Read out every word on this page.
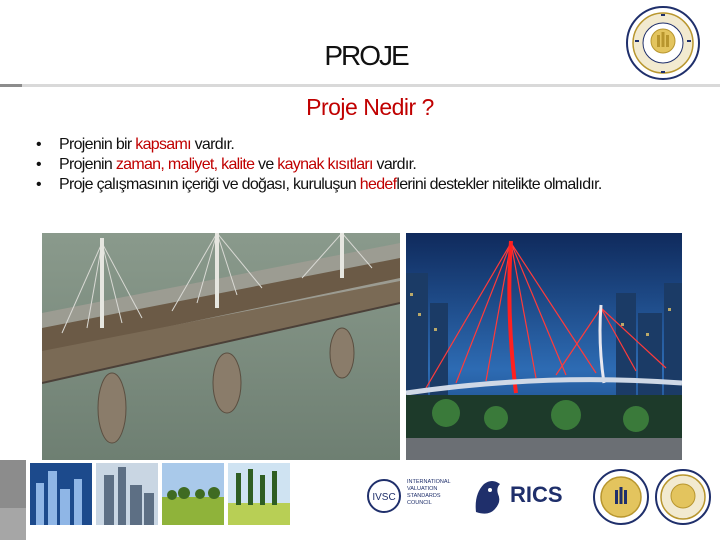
PROJE
Proje Nedir ?
• Projenin bir kapsamı vardır.
• Projenin zaman, maliyet, kalite ve kaynak kısıtları vardır.
• Proje çalışmasının içeriği ve doğası, kuruluşun hedeflerini destekler nitelikte olmalıdır.
IVSC
INTERNATIONAL
VALUATION
STANDARDS
COUNCIL	RICS
